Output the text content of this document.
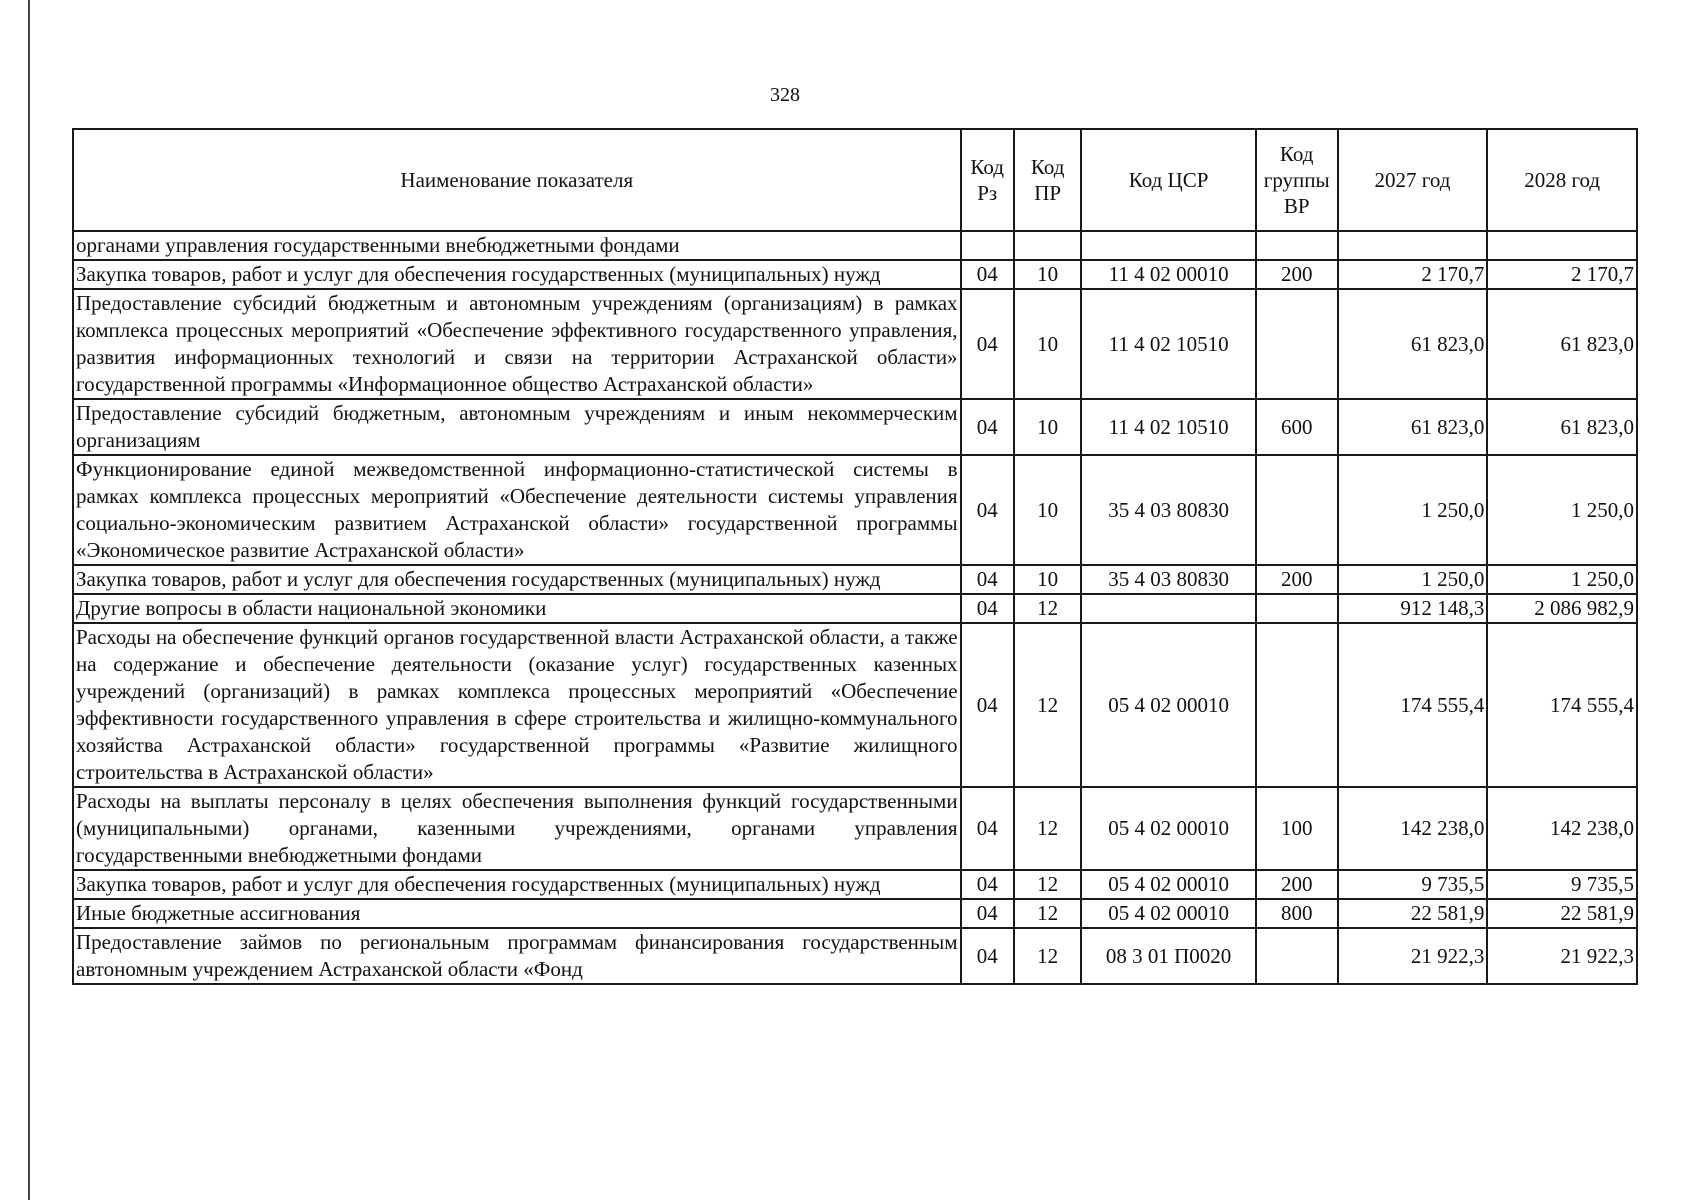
328
Наименование показателя	Код Рз	Код ПР	Код ЦСР	Код группы ВР	2027 год	2028 год
органами управления государственными внебюджетными фондами						
Закупка товаров, работ и услуг для обеспечения государственных (муниципальных) нужд	04	10	11 4 02 00010	200	2 170,7	2 170,7
Предоставление субсидий бюджетным и автономным учреждениям (организациям) в рамках комплекса процессных мероприятий «Обеспечение эффективного государственного управления, развития информационных технологий и связи на территории Астраханской области» государственной программы «Информационное общество Астраханской области»	04	10	11 4 02 10510		61 823,0	61 823,0
Предоставление субсидий бюджетным, автономным учреждениям и иным некоммерческим организациям	04	10	11 4 02 10510	600	61 823,0	61 823,0
Функционирование единой межведомственной информационно-статистической системы в рамках комплекса процессных мероприятий «Обеспечение деятельности системы управления социально-экономическим развитием Астраханской области» государственной программы «Экономическое развитие Астраханской области»	04	10	35 4 03 80830		1 250,0	1 250,0
Закупка товаров, работ и услуг для обеспечения государственных (муниципальных) нужд	04	10	35 4 03 80830	200	1 250,0	1 250,0
Другие вопросы в области национальной экономики	04	12			912 148,3	2 086 982,9
Расходы на обеспечение функций органов государственной власти Астраханской области, а также на содержание и обеспечение деятельности (оказание услуг) государственных казенных учреждений (организаций) в рамках комплекса процессных мероприятий «Обеспечение эффективности государственного управления в сфере строительства и жилищно-коммунального хозяйства Астраханской области» государственной программы «Развитие жилищного строительства в Астраханской области»	04	12	05 4 02 00010		174 555,4	174 555,4
Расходы на выплаты персоналу в целях обеспечения выполнения функций государственными (муниципальными) органами, казенными учреждениями, органами управления государственными внебюджетными фондами	04	12	05 4 02 00010	100	142 238,0	142 238,0
Закупка товаров, работ и услуг для обеспечения государственных (муниципальных) нужд	04	12	05 4 02 00010	200	9 735,5	9 735,5
Иные бюджетные ассигнования	04	12	05 4 02 00010	800	22 581,9	22 581,9
Предоставление займов по региональным программам финансирования государственным автономным учреждением Астраханской области «Фонд	04	12	08 3 01 П0020		21 922,3	21 922,3
